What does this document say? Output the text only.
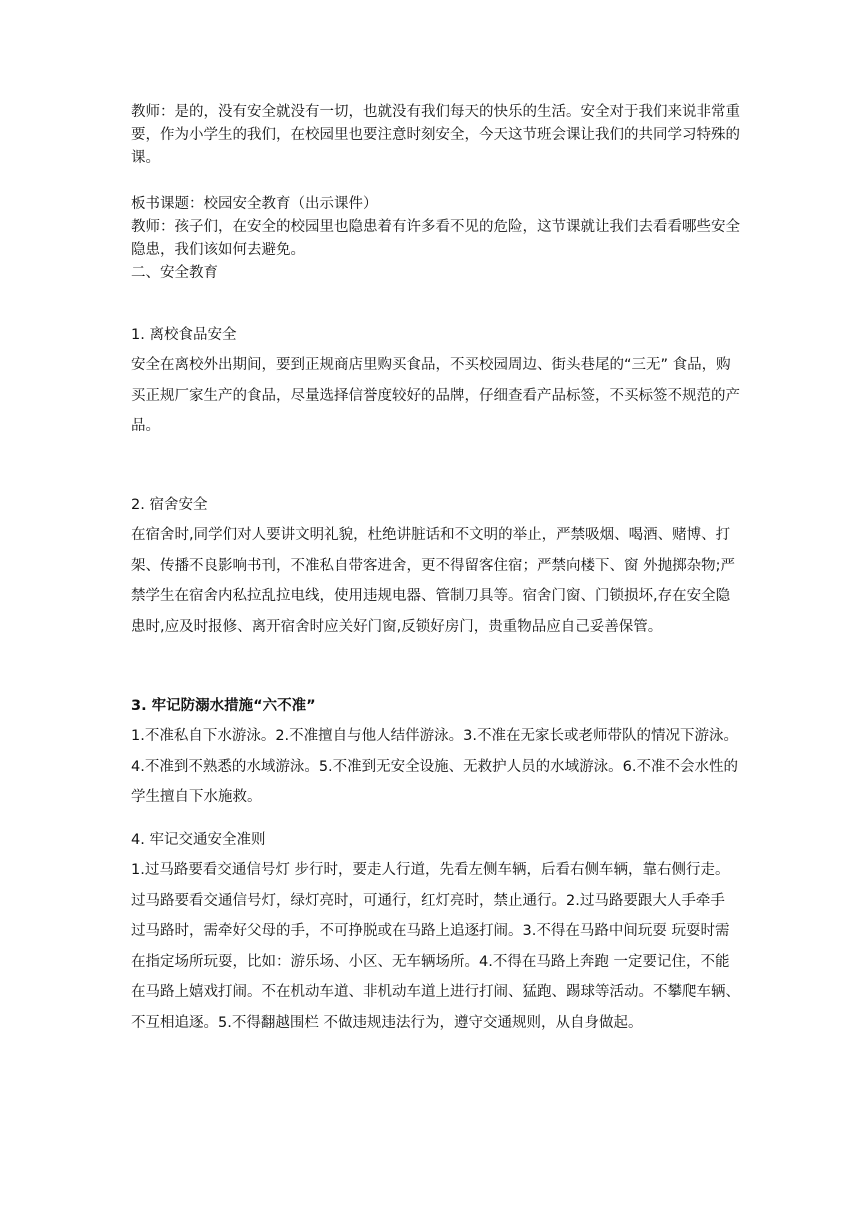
教师：是的，没有安全就没有一切，也就没有我们每天的快乐的生活。安全对于我们来说非常重要，作为小学生的我们，在校园里也要注意时刻安全，今天这节班会课让我们的共同学习特殊的课。

板书课题：校园安全教育（出示课件）

教师：孩子们，在安全的校园里也隐患着有许多看不见的危险，这节课就让我们去看看哪些安全隐患，我们该如何去避免。

二、安全教育

1. 离校食品安全

安全在离校外出期间，要到正规商店里购买食品，不买校园周边、街头巷尾的“三无” 食品，购买正规厂家生产的食品，尽量选择信誉度较好的品牌，仔细查看产品标签，不买标签不规范的产品。

2. 宿舍安全

在宿舍时,同学们对人要讲文明礼貌，杜绝讲脏话和不文明的举止，严禁吸烟、喝酒、赌博、打架、传播不良影响书刊，不准私自带客进舍，更不得留客住宿；严禁向楼下、窗 外抛掷杂物;严禁学生在宿舍内私拉乱拉电线，使用违规电器、管制刀具等。宿舍门窗、门锁损坏,存在安全隐患时,应及时报修、离开宿舍时应关好门窗,反锁好房门，贵重物品应自己妥善保管。

3. 牢记防溺水措施“六不准”

1.不准私自下水游泳。2.不准擅自与他人结伴游泳。3.不准在无家长或老师带队的情况下游泳。4.不准到不熟悉的水域游泳。5.不准到无安全设施、无救护人员的水域游泳。6.不准不会水性的学生擅自下水施救。

4. 牢记交通安全准则

1.过马路要看交通信号灯 步行时，要走人行道，先看左侧车辆，后看右侧车辆，靠右侧行走。过马路要看交通信号灯，绿灯亮时，可通行，红灯亮时，禁止通行。2.过马路要跟大人手牵手 过马路时，需牵好父母的手，不可挣脱或在马路上追逐打闹。3.不得在马路中间玩耍 玩耍时需在指定场所玩耍，比如：游乐场、小区、无车辆场所。4.不得在马路上奔跑 一定要记住，不能在马路上嬉戏打闹。不在机动车道、非机动车道上进行打闹、猛跑、踢球等活动。不攀爬车辆、不互相追逐。5.不得翻越围栏 不做违规违法行为，遵守交通规则，从自身做起。
